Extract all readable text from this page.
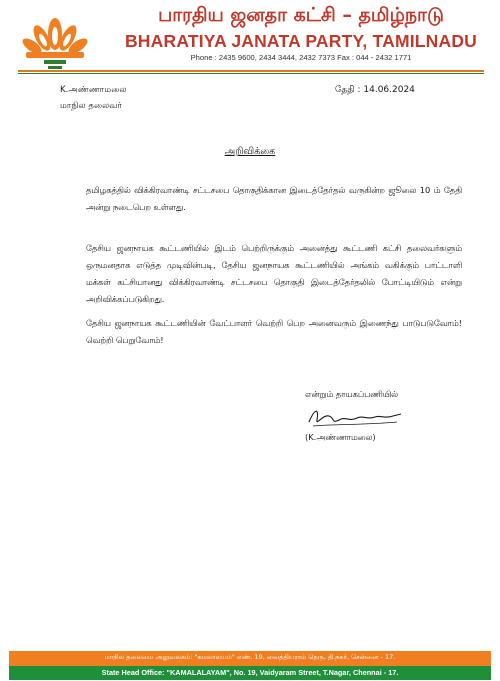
பாரதிய ஜனதா கட்சி – தமிழ்நாடு
BHARATIYA JANATA PARTY, TAMILNADU
Phone : 2435 9600, 2434 3444, 2432 7373 Fax : 044 - 2432 1771
K.அண்ணாமலை
மாநில தலைவர்
தேதி : 14.06.2024
அறிவிக்கை
தமிழகத்தில் விக்கிரவாண்டி சட்டசபை தொகுதிக்கான இடைத்தேர்தல் வருகின்ற ஜூலை 10 ம் தேதி அன்று நடைபெற உள்ளது.
தேசிய ஜனநாயக கூட்டணியில் இடம் பெற்றிருக்கும் அனைத்து கூட்டணி கட்சி தலைவர்களும் ஒருமனதாக எடுத்த முடிவின்படி, தேசிய ஜனநாயக கூட்டணியில் அங்கம் வகிக்கும் பாட்டாளி மக்கள் கட்சியானது விக்கிரவாண்டி சட்டசபை தொகுதி இடைத்தேர்தலில் போட்டியிடும் என்று அறிவிக்கப்படுகிறது.
தேசிய ஜனநாயக கூட்டணியின் வேட்பாளர் வெற்றி பெற அனைவரும் இணைந்து பாடுபடுவோம்! வெற்றி பெறுவோம்!
என்றும் தாயகப்பணியில்
(K.அண்ணாமலை)
மாநில தலைமை அலுவலகம்: "கமலாலயம்" எண். 19, வைத்தியராம் தெரு, தி.நகர், சென்னை - 17.
State Head Office: "KAMALALAYAM", No. 19, Vaidyaram Street, T.Nagar, Chennai - 17.
